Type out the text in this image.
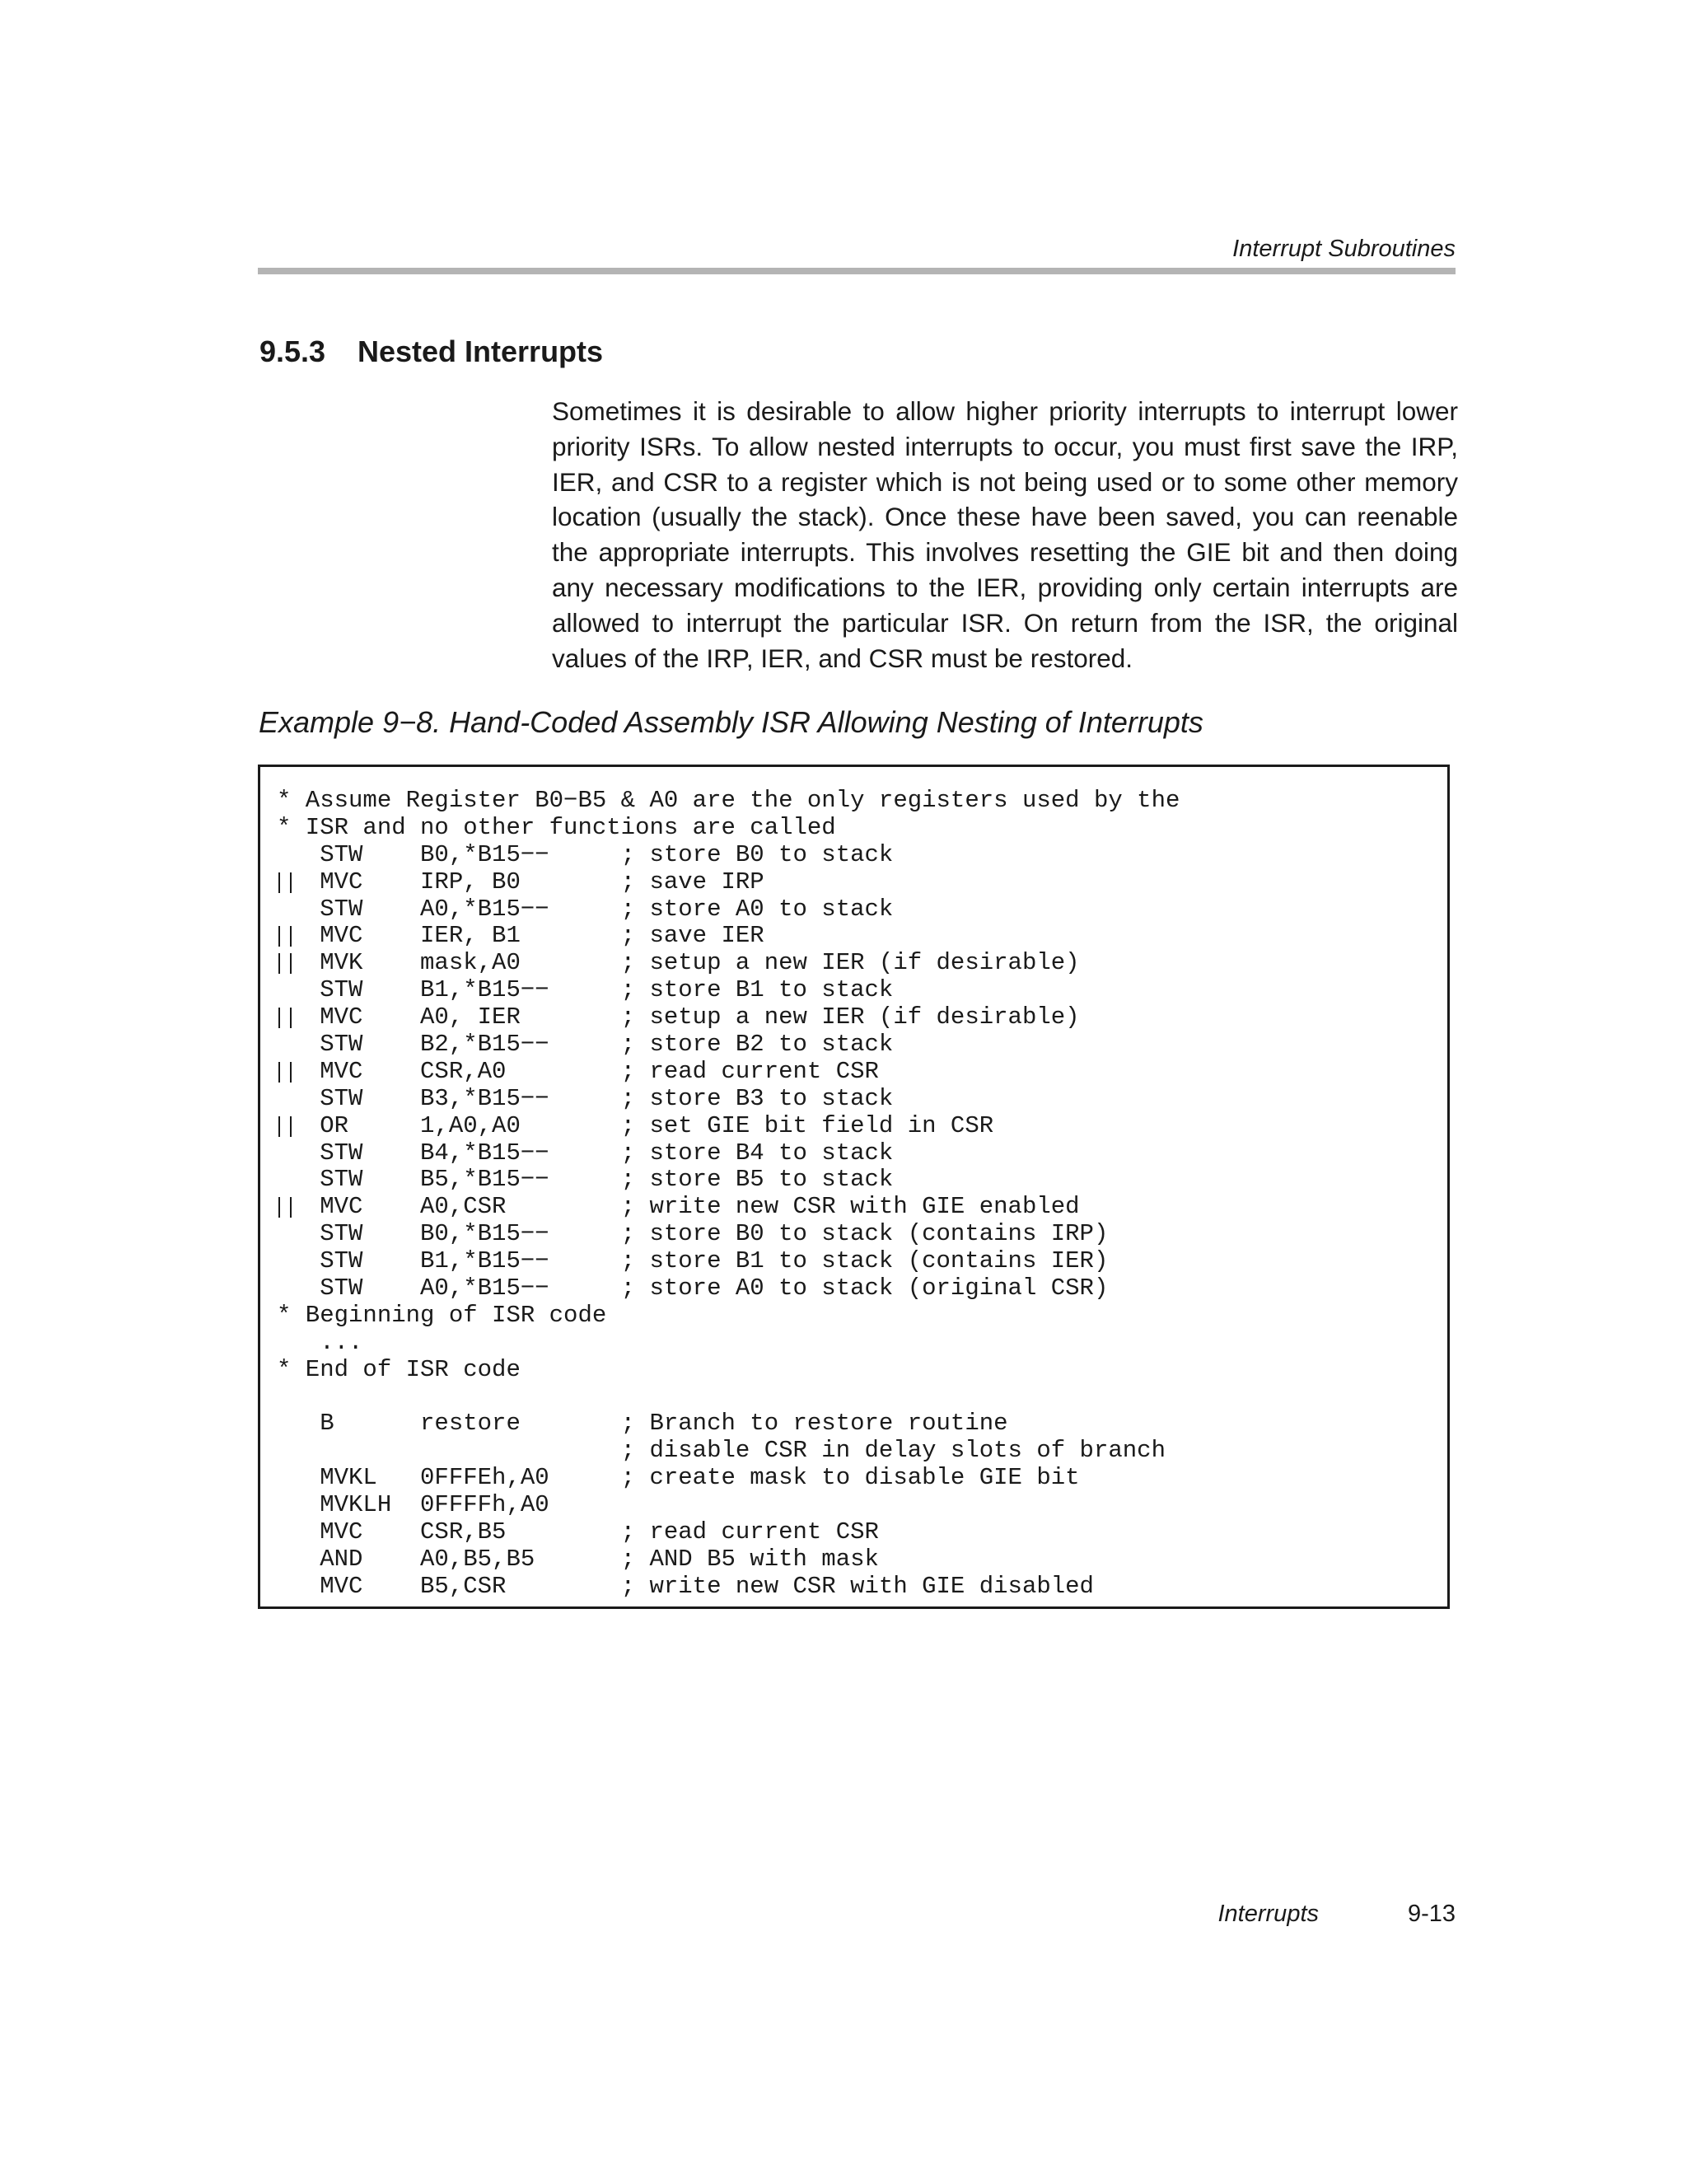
Interrupt Subroutines
9.5.3 Nested Interrupts

Sometimes it is desirable to allow higher priority interrupts to interrupt lower priority ISRs. To allow nested interrupts to occur, you must first save the IRP, IER, and CSR to a register which is not being used or to some other memory location (usually the stack). Once these have been saved, you can reenable the appropriate interrupts. This involves resetting the GIE bit and then doing any necessary modifications to the IER, providing only certain interrupts are allowed to interrupt the particular ISR. On return from the ISR, the original values of the IRP, IER, and CSR must be restored.

Example 9−8. Hand-Coded Assembly ISR Allowing Nesting of Interrupts
* Assume Register B0−B5 & A0 are the only registers used by the
* ISR and no other functions are called
STW    B0,*B15−−     ; store B0 to stack
MVC    IRP, B0       ; save IRP
STW    A0,*B15−−     ; store A0 to stack
MVC    IER, B1       ; save IER
MVK    mask,A0       ; setup a new IER (if desirable)
STW    B1,*B15−−     ; store B1 to stack
MVC    A0, IER       ; setup a new IER (if desirable)
STW    B2,*B15−−     ; store B2 to stack
MVC    CSR,A0        ; read current CSR
STW    B3,*B15−−     ; store B3 to stack
OR     1,A0,A0       ; set GIE bit field in CSR
STW    B4,*B15−−     ; store B4 to stack
STW    B5,*B15−−     ; store B5 to stack
MVC    A0,CSR        ; write new CSR with GIE enabled
STW    B0,*B15−−     ; store B0 to stack (contains IRP)
STW    B1,*B15−−     ; store B1 to stack (contains IER)
STW    A0,*B15−−     ; store A0 to stack (original CSR)
* Beginning of ISR code
...
* End of ISR code
B      restore       ; Branch to restore routine
; disable CSR in delay slots of branch
MVKL   0FFFEh,A0     ; create mask to disable GIE bit
MVKLH  0FFFFh,A0
MVC    CSR,B5        ; read current CSR
AND    A0,B5,B5      ; AND B5 with mask
MVC    B5,CSR        ; write new CSR with GIE disabled
Interrupts	9-13
